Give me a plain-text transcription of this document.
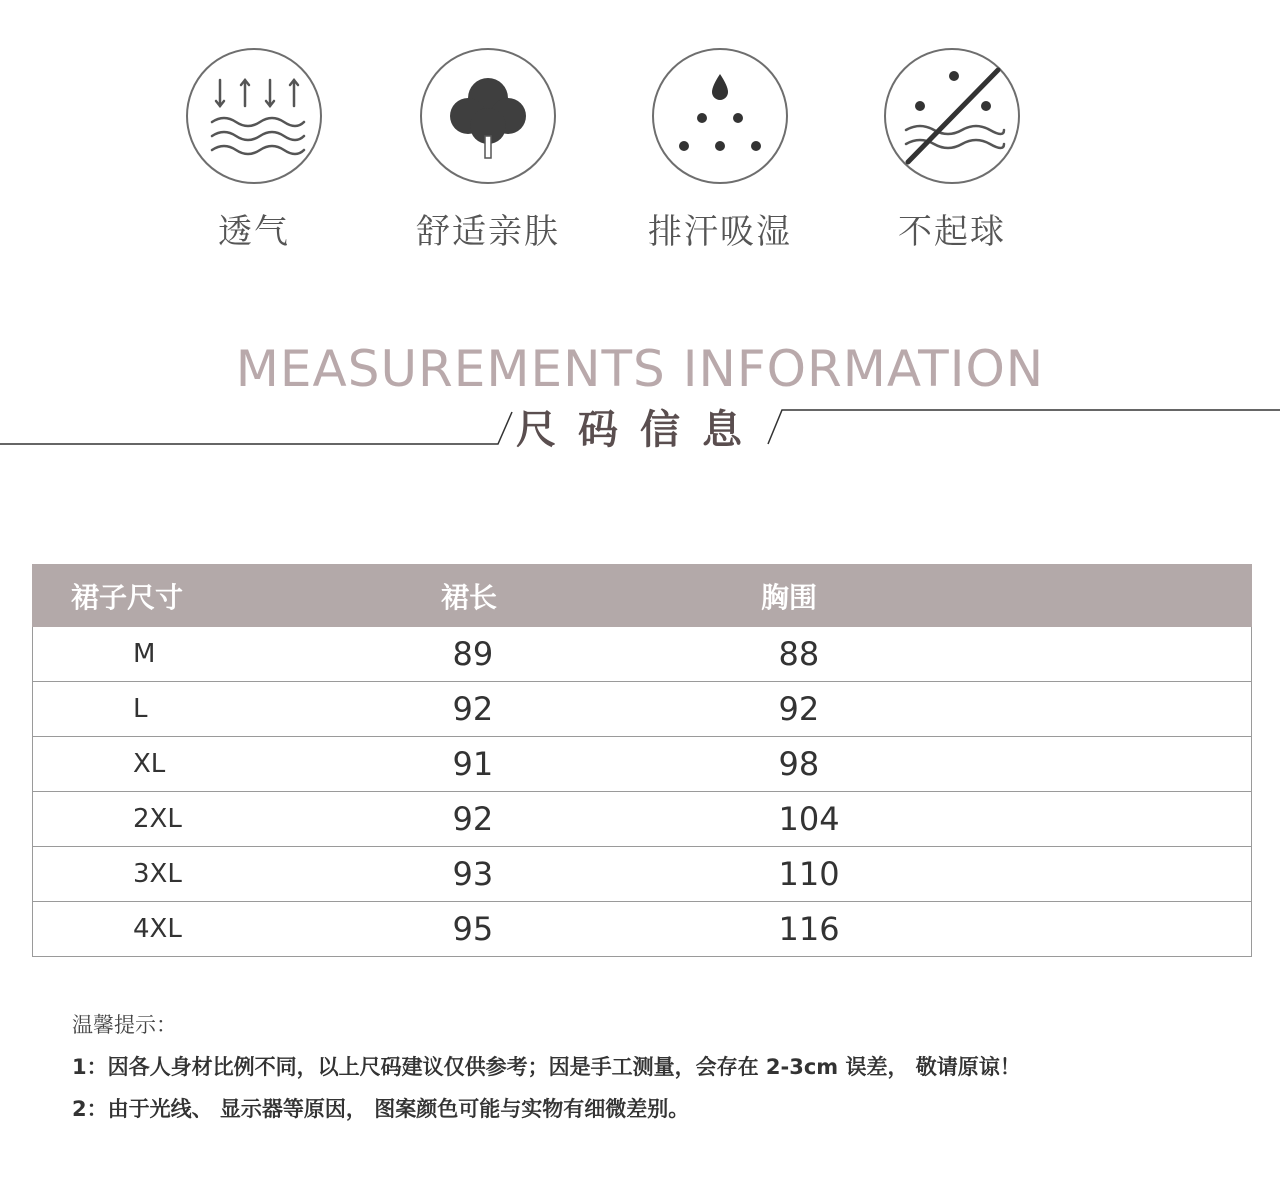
透气	舒适亲肤	排汗吸湿	不起球
MEASUREMENTS INFORMATION
尺码信息
裙子尺寸	裙长	胸围
M	89	88
L	92	92
XL	91	98
2XL	92	104
3XL	93	110
4XL	95	116
温馨提示：
1：因各人身材比例不同，以上尺码建议仅供参考；因是手工测量，会存在 2-3cm 误差， 敬请原谅！
2：由于光线、 显示器等原因， 图案颜色可能与实物有细微差别。
